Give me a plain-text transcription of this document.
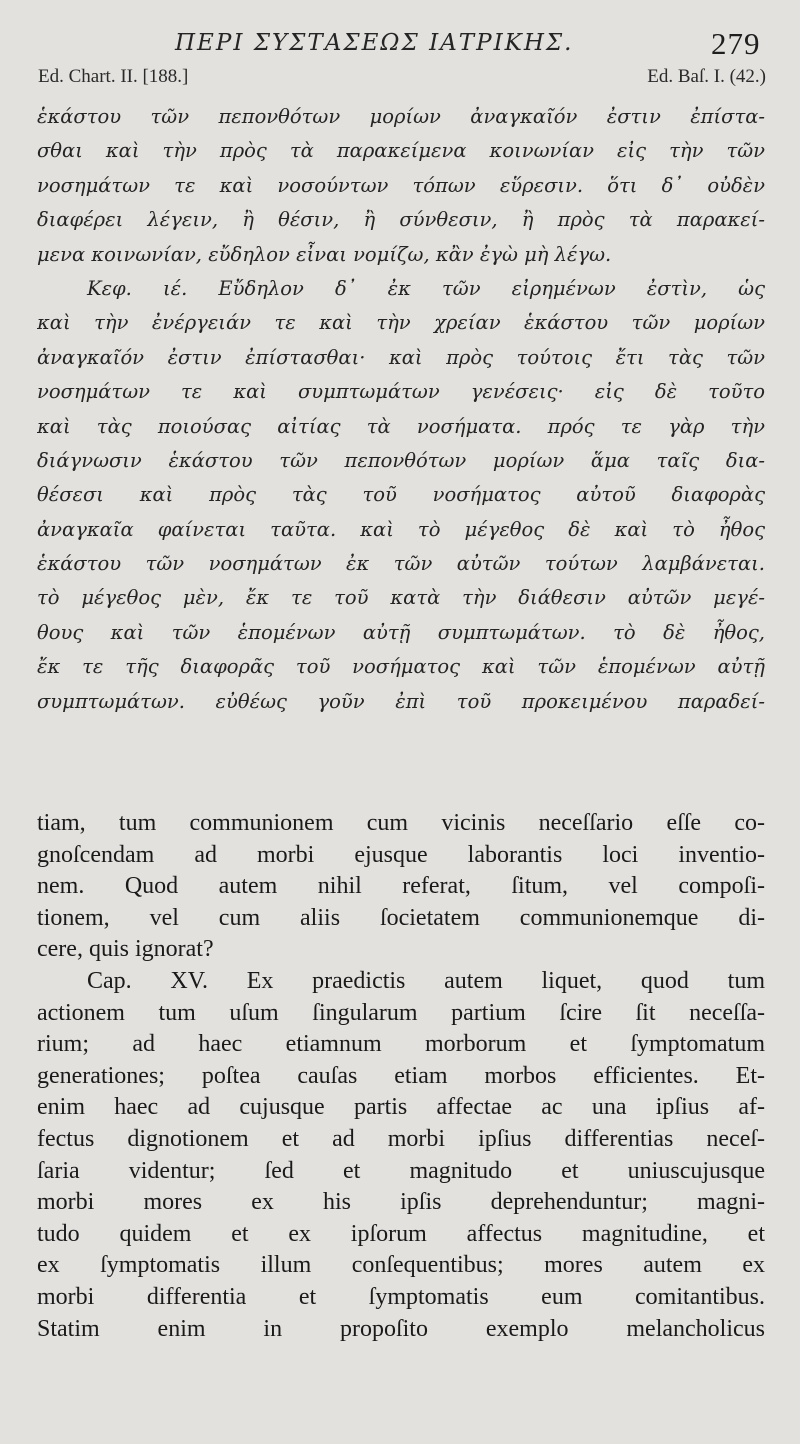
ΠΕΡΙ ΣΥΣΤΑΣΕΩΣ ΙΑΤΡΙΚΗΣ.	279
Ed. Chart. II. [188.]	Ed. Baſ. I. (42.)
ἑκάστου τῶν πεπονθότων μορίων ἀναγκαῖόν ἐστιν ἐπίστα-
σθαι καὶ τὴν πρὸς τὰ παρακείμενα κοινωνίαν εἰς τὴν τῶν
νοσημάτων τε καὶ νοσούντων τόπων εὕρεσιν. ὅτι δ᾽ οὐδὲν
διαφέρει λέγειν, ἢ θέσιν, ἢ σύνθεσιν, ἢ πρὸς τὰ παρακεί-
μενα κοινωνίαν, εὔδηλον εἶναι νομίζω, κἂν ἐγὼ μὴ λέγω.
Κεφ. ιέ. Εὔδηλον δ᾽ ἐκ τῶν εἰρημένων ἐστὶν, ὡς
καὶ τὴν ἐνέργειάν τε καὶ τὴν χρείαν ἑκάστου τῶν μορίων
ἀναγκαῖόν ἐστιν ἐπίστασθαι· καὶ πρὸς τούτοις ἔτι τὰς τῶν
νοσημάτων τε καὶ συμπτωμάτων γενέσεις· εἰς δὲ τοῦτο
καὶ τὰς ποιούσας αἰτίας τὰ νοσήματα. πρός τε γὰρ τὴν
διάγνωσιν ἑκάστου τῶν πεπονθότων μορίων ἅμα ταῖς δια-
θέσεσι καὶ πρὸς τὰς τοῦ νοσήματος αὐτοῦ διαφορὰς
ἀναγκαῖα φαίνεται ταῦτα. καὶ τὸ μέγεθος δὲ καὶ τὸ ἦθος
ἑκάστου τῶν νοσημάτων ἐκ τῶν αὐτῶν τούτων λαμβάνεται.
τὸ μέγεθος μὲν, ἔκ τε τοῦ κατὰ τὴν διάθεσιν αὐτῶν μεγέ-
θους καὶ τῶν ἑπομένων αὐτῇ συμπτωμάτων. τὸ δὲ ἦθος,
ἔκ τε τῆς διαφορᾶς τοῦ νοσήματος καὶ τῶν ἑπομένων αὐτῇ
συμπτωμάτων. εὐθέως γοῦν ἐπὶ τοῦ προκειμένου παραδεί-
tiam, tum communionem cum vicinis neceſſario eſſe co-
gnoſcendam ad morbi ejusque laborantis loci inventio-
nem. Quod autem nihil referat, ſitum, vel compoſi-
tionem, vel cum aliis ſocietatem communionemque di-
cere, quis ignorat?
Cap. XV. Ex praedictis autem liquet, quod tum
actionem tum uſum ſingularum partium ſcire ſit neceſſa-
rium; ad haec etiamnum morborum et ſymptomatum
generationes; poſtea cauſas etiam morbos efficientes. Et-
enim haec ad cujusque partis affectae ac una ipſius af-
fectus dignotionem et ad morbi ipſius differentias neceſ-
ſaria videntur; ſed et magnitudo et uniuscujusque
morbi mores ex his ipſis deprehenduntur; magni-
tudo quidem et ex ipſorum affectus magnitudine, et
ex ſymptomatis illum conſequentibus; mores autem ex
morbi differentia et ſymptomatis eum comitantibus.
Statim enim in propoſito exemplo melancholicus
